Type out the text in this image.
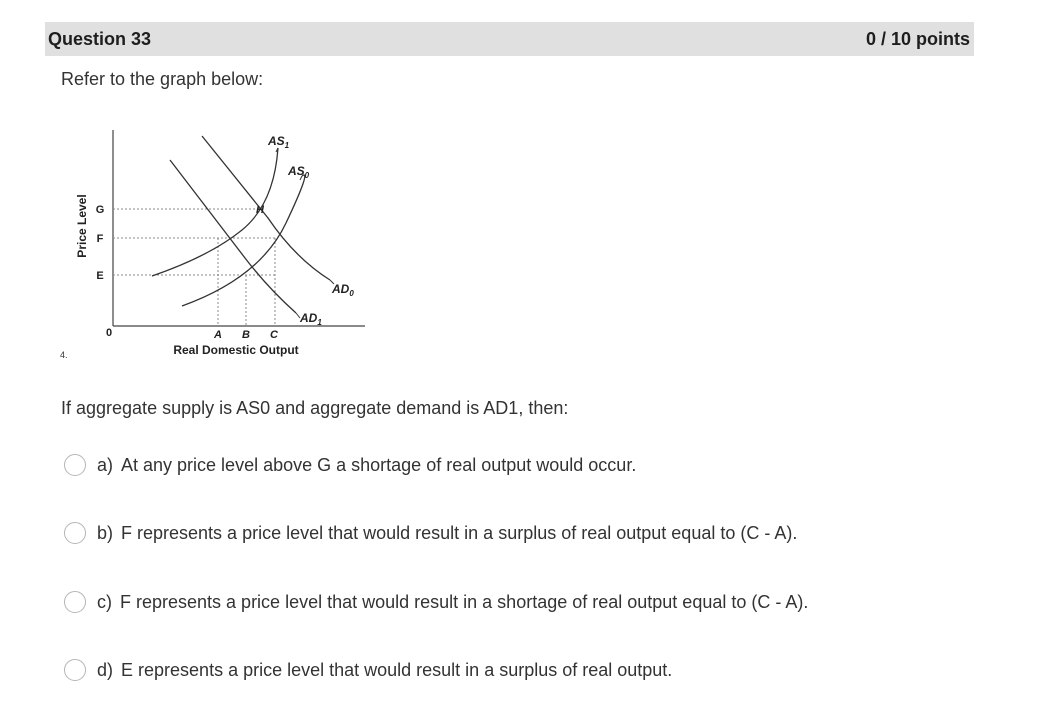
Question 33	0 / 10 points
Refer to the graph below:
Price Level G
F
E
0	A B C
Real Domestic Output
H
$AS_1$
$AS_0$
$AD_0$
$AD_1$
4.
If aggregate supply is AS0 and aggregate demand is AD1, then:
a) At any price level above G a shortage of real output would occur.
b) F represents a price level that would result in a surplus of real output equal to (C - A).
c) F represents a price level that would result in a shortage of real output equal to (C - A).
d) E represents a price level that would result in a surplus of real output.
